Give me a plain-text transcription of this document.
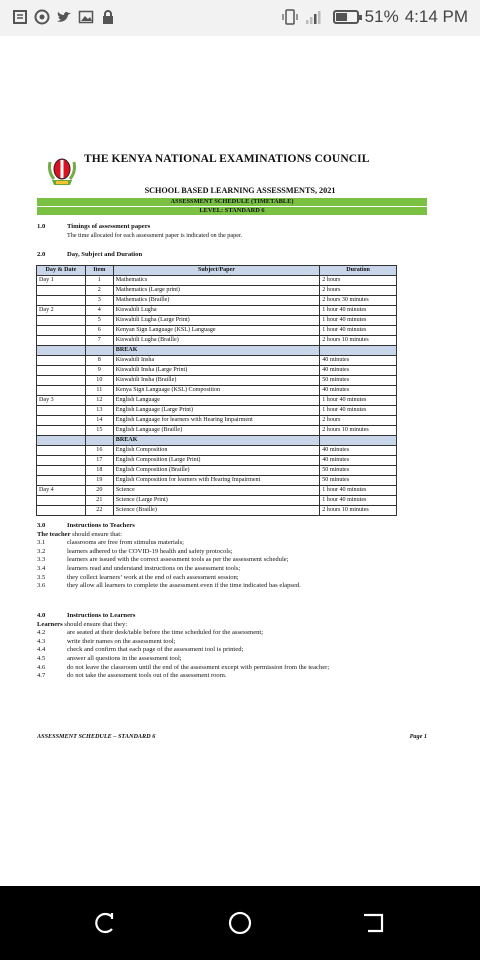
51% 4:14 PM
THE KENYA NATIONAL EXAMINATIONS COUNCIL
SCHOOL BASED LEARNING ASSESSMENTS, 2021
ASSESSMENT SCHEDULE (TIMETABLE)
LEVEL: STANDARD 6
1.0	Timings of assessment papers
The time allocated for each assessment paper is indicated on the paper.
2.0	Day, Subject and Duration
Day & Date	Item	Subject/Paper	Duration
Day 1	1	Mathematics	2 hours
	2	Mathematics (Large print)	2 hours
	3	Mathematics (Braille)	2 hours 30 minutes
Day 2	4	Kiswahili Lugha	1 hour 40 minutes
	5	Kiswahili Lugha (Large Print)	1 hour 40 minutes
	6	Kenyan Sign Language (KSL) Language	1 hour 40 minutes
	7	Kiswahili Lugha (Braille)	2 hours 10 minutes
		BREAK	
	8	Kiswahili Insha	40 minutes
	9	Kiswahili Insha (Large Print)	40 minutes
	10	Kiswahili Insha (Braille)	50 minutes
	11	Kenya Sign Language (KSL) Composition	40 minutes
Day 3	12	English Language	1 hour 40 minutes
	13	English Language (Large Print)	1 hour 40 minutes
	14	English Language for learners with Hearing Impairment	2 hours
	15	English Language (Braille)	2 hours 10 minutes
		BREAK	
	16	English Composition	40 minutes
	17	English Composition (Large Print)	40 minutes
	18	English Composition (Braille)	50 minutes
	19	English Composition for learners with Hearing Impairment	50 minutes
Day 4	20	Science	1 hour 40 minutes
	21	Science (Large Print)	1 hour 40 minutes
	22	Science (Braille)	2 hours 10 minutes
3.0	Instructions to Teachers
The teacher should ensure that:
3.1	classrooms are free from stimulus materials;
3.2	learners adhered to the COVID-19 health and safety protocols;
3.3	learners are issued with the correct assessment tools as per the assessment schedule;
3.4	learners read and understand instructions on the assessment tools;
3.5	they collect learners’ work at the end of each assessment session;
3.6	they allow all learners to complete the assessment even if the time indicated has elapsed.
4.0	Instructions to Learners
Learners should ensure that they:
4.2	are seated at their desk/table before the time scheduled for the assessment;
4.3	write their names on the assessment tool;
4.4	check and confirm that each page of the assessment tool is printed;
4.5	answer all questions in the assessment tool;
4.6	do not leave the classroom until the end of the assessment except with permission from the teacher;
4.7	do not take the assessment tools out of the assessment room.
ASSESSMENT SCHEDULE – STANDARD 6	Page 1
